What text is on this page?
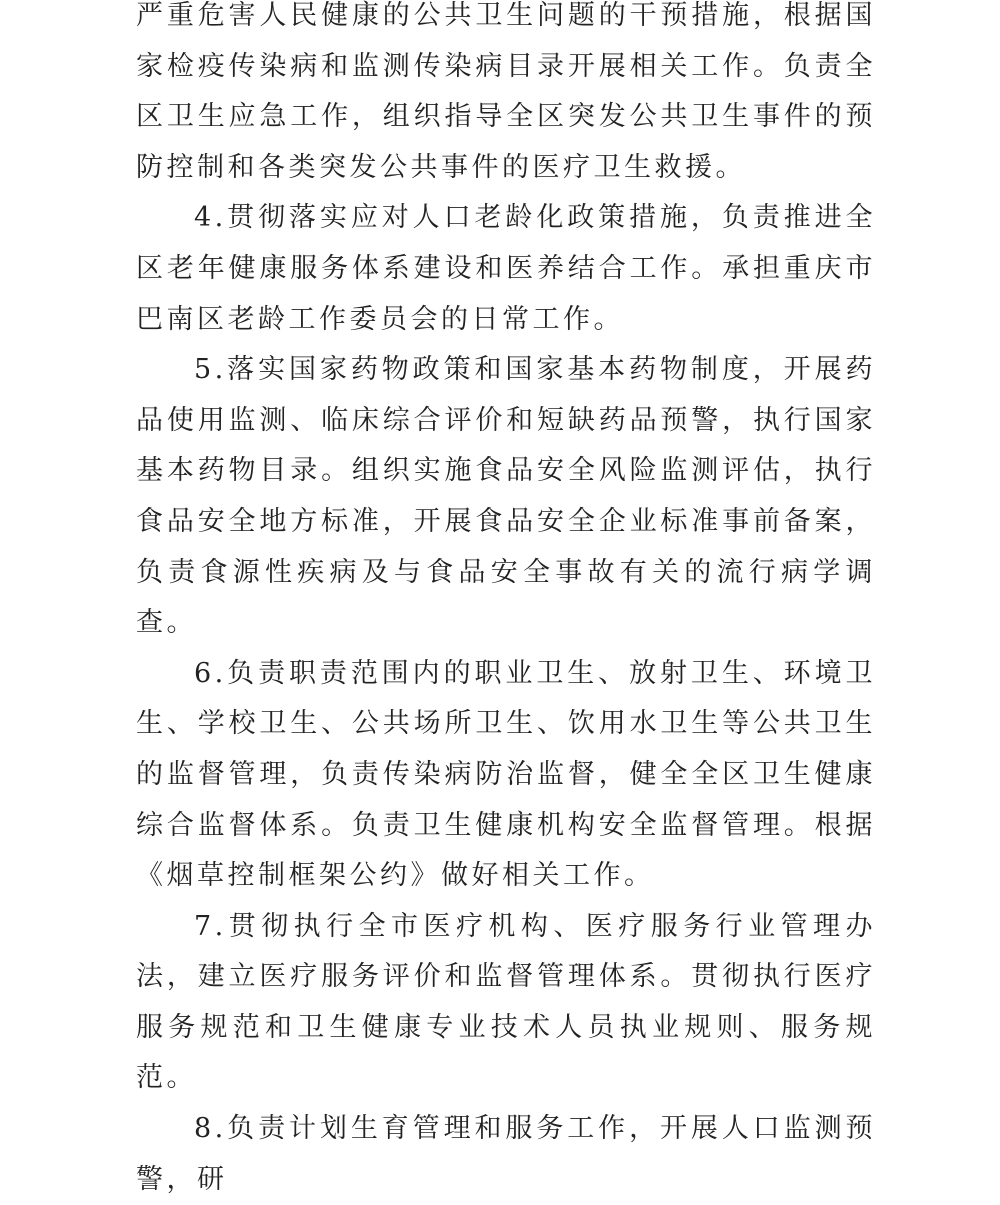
严重危害人民健康的公共卫生问题的干预措施，根据国家检疫传染病和监测传染病目录开展相关工作。负责全区卫生应急工作，组织指导全区突发公共卫生事件的预防控制和各类突发公共事件的医疗卫生救援。

4.贯彻落实应对人口老龄化政策措施，负责推进全区老年健康服务体系建设和医养结合工作。承担重庆市巴南区老龄工作委员会的日常工作。

5.落实国家药物政策和国家基本药物制度，开展药品使用监测、临床综合评价和短缺药品预警，执行国家基本药物目录。组织实施食品安全风险监测评估，执行食品安全地方标准，开展食品安全企业标准事前备案，负责食源性疾病及与食品安全事故有关的流行病学调查。

6.负责职责范围内的职业卫生、放射卫生、环境卫生、学校卫生、公共场所卫生、饮用水卫生等公共卫生的监督管理，负责传染病防治监督，健全全区卫生健康综合监督体系。负责卫生健康机构安全监督管理。根据《烟草控制框架公约》做好相关工作。

7.贯彻执行全市医疗机构、医疗服务行业管理办法，建立医疗服务评价和监督管理体系。贯彻执行医疗服务规范和卫生健康专业技术人员执业规则、服务规范。

8.负责计划生育管理和服务工作，开展人口监测预警，研
